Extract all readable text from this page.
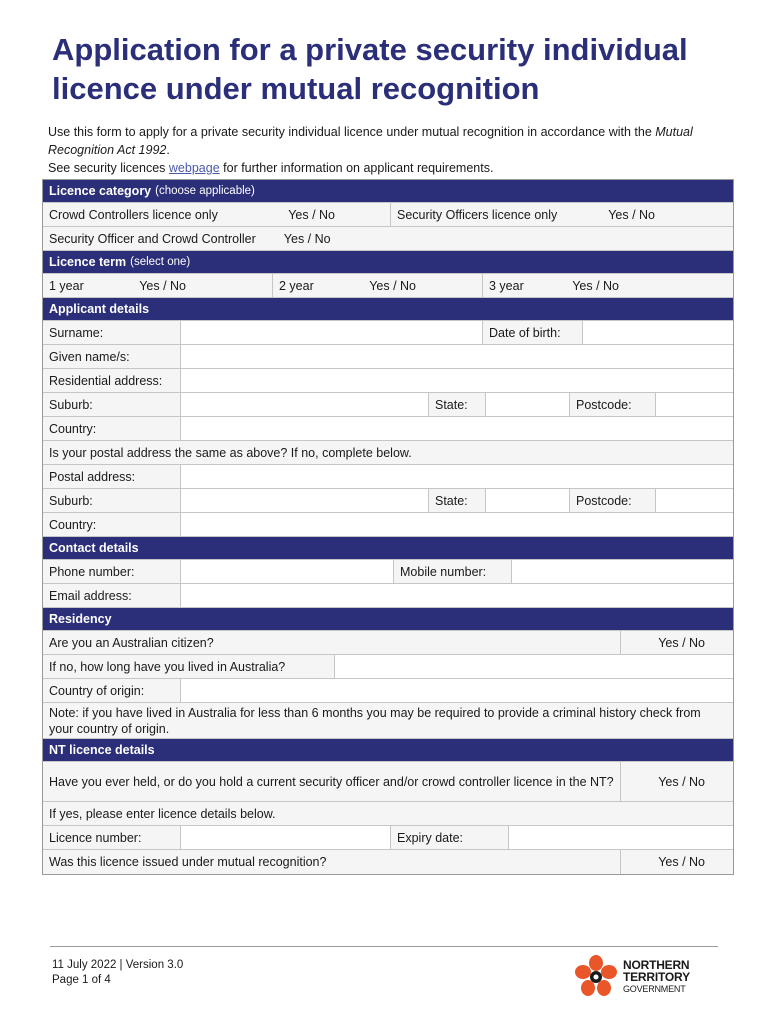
Application for a private security individual licence under mutual recognition
Use this form to apply for a private security individual licence under mutual recognition in accordance with the Mutual Recognition Act 1992.
See security licences webpage for further information on applicant requirements.
Licence category (choose applicable)
Crowd Controllers licence only	Yes / No	Security Officers licence only	Yes / No
Security Officer and Crowd Controller Yes / No
Licence term (select one)
1 year	Yes / No	2 year	Yes / No	3 year	Yes / No
Applicant details
Surname:	Date of birth:
Given name/s:
Residential address:
Suburb:	State:	Postcode:
Country:
Is your postal address the same as above? If no, complete below.
Postal address:
Suburb:	State:	Postcode:
Country:
Contact details
Phone number:	Mobile number:
Email address:
Residency
Are you an Australian citizen?	Yes / No
If no, how long have you lived in Australia?
Country of origin:
Note: if you have lived in Australia for less than 6 months you may be required to provide a criminal history check from your country of origin.
NT licence details
Have you ever held, or do you hold a current security officer and/or crowd controller licence in the NT?	Yes / No
If yes, please enter licence details below.
Licence number:	Expiry date:
Was this licence issued under mutual recognition?	Yes / No
11 July 2022 | Version 3.0
Page 1 of 4
NORTHERN
TERRITORY
GOVERNMENT
